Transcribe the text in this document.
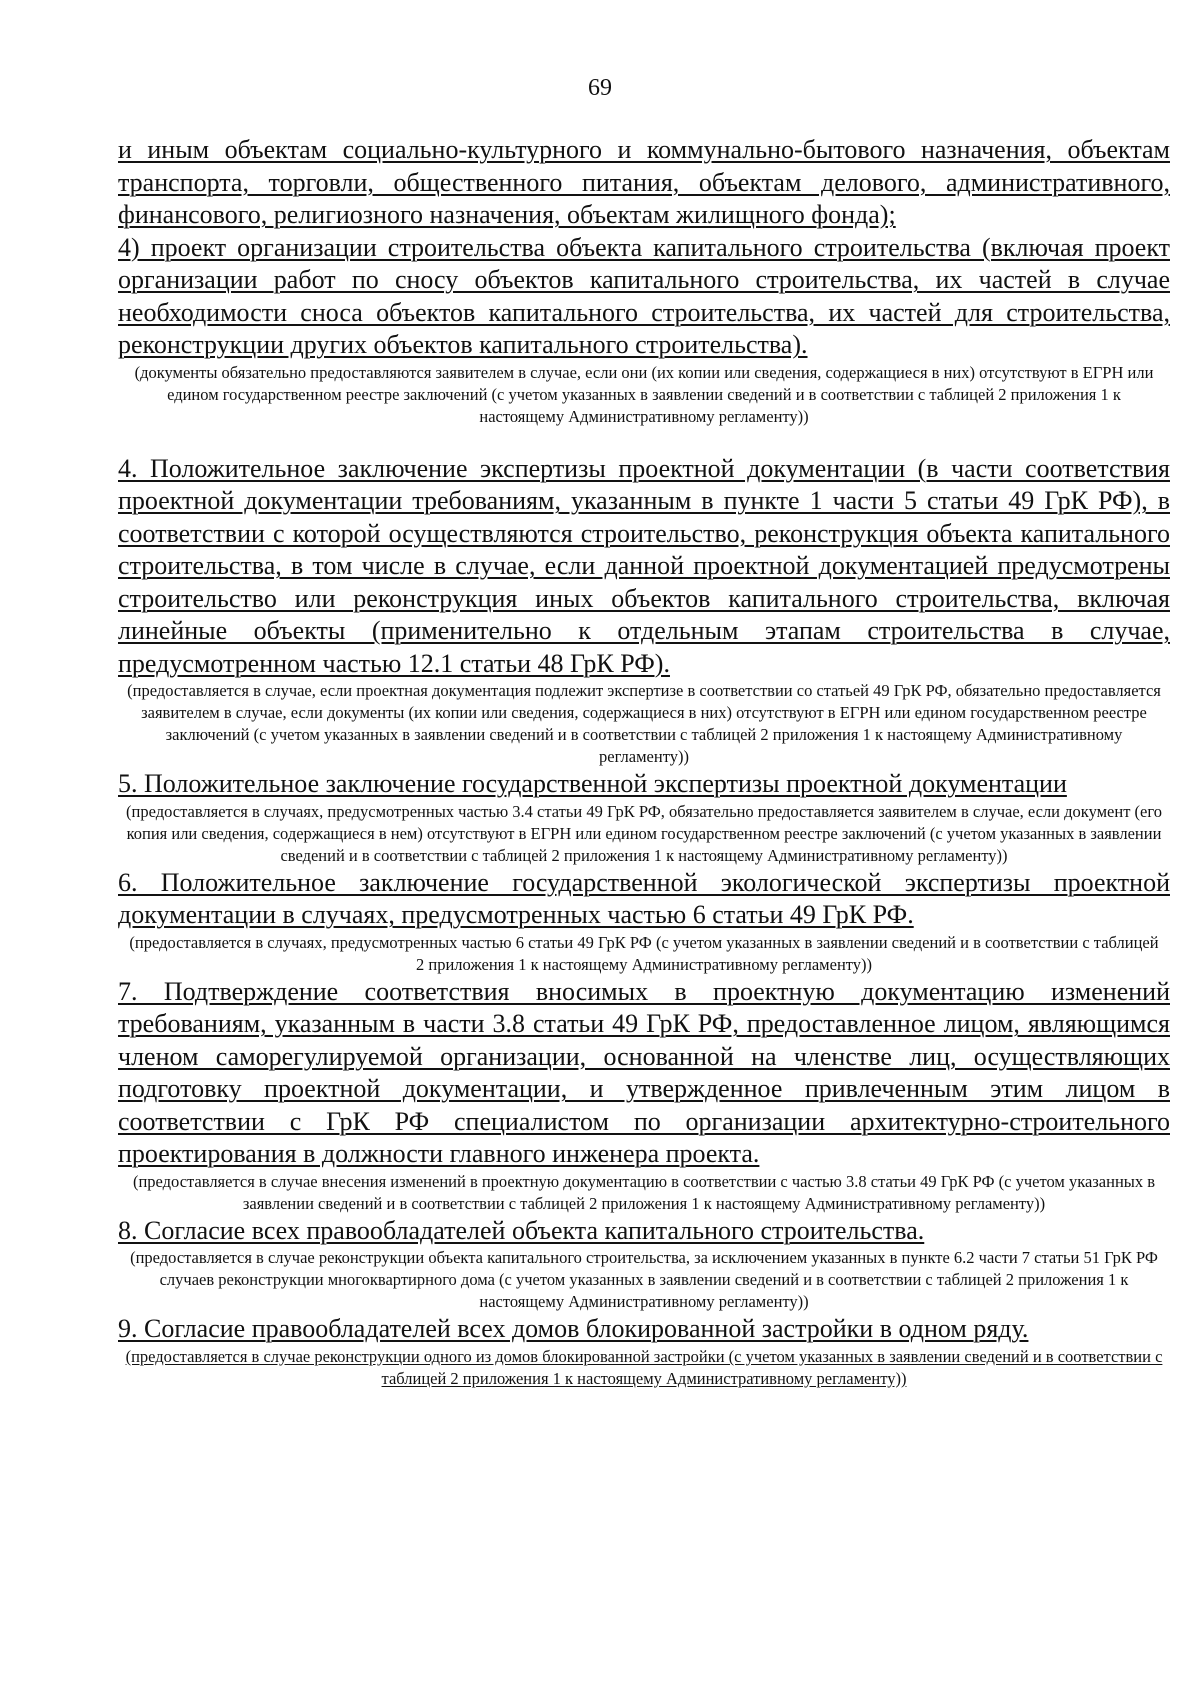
69

и иным объектам социально-культурного и коммунально-бытового назначения, объектам транспорта, торговли, общественного питания, объектам делового, административного, финансового, религиозного назначения, объектам жилищного фонда);

4) проект организации строительства объекта капитального строительства (включая проект организации работ по сносу объектов капитального строительства, их частей в случае необходимости сноса объектов капитального строительства, их частей для строительства, реконструкции других объектов капитального строительства).

(документы обязательно предоставляются заявителем в случае, если они (их копии или сведения, содержащиеся в них) отсутствуют в ЕГРН или едином государственном реестре заключений (с учетом указанных в заявлении сведений и в соответствии с таблицей 2 приложения 1 к настоящему Административному регламенту))

4. Положительное заключение экспертизы проектной документации (в части соответствия проектной документации требованиям, указанным в пункте 1 части 5 статьи 49 ГрК РФ), в соответствии с которой осуществляются строительство, реконструкция объекта капитального строительства, в том числе в случае, если данной проектной документацией предусмотрены строительство или реконструкция иных объектов капитального строительства, включая линейные объекты (применительно к отдельным этапам строительства в случае, предусмотренном частью 12.1 статьи 48 ГрК РФ).

(предоставляется в случае, если проектная документация подлежит экспертизе в соответствии со статьей 49 ГрК РФ, обязательно предоставляется заявителем в случае, если документы (их копии или сведения, содержащиеся в них) отсутствуют в ЕГРН или едином государственном реестре заключений (с учетом указанных в заявлении сведений и в соответствии с таблицей 2 приложения 1 к настоящему Административному регламенту))

5. Положительное заключение государственной экспертизы проектной документации

(предоставляется в случаях, предусмотренных частью 3.4 статьи 49 ГрК РФ, обязательно предоставляется заявителем в случае, если документ (его копия или сведения, содержащиеся в нем) отсутствуют в ЕГРН или едином государственном реестре заключений (с учетом указанных в заявлении сведений и в соответствии с таблицей 2 приложения 1 к настоящему Административному регламенту))

6. Положительное заключение государственной экологической экспертизы проектной документации в случаях, предусмотренных частью 6 статьи 49 ГрК РФ.

(предоставляется в случаях, предусмотренных частью 6 статьи 49 ГрК РФ (с учетом указанных в заявлении сведений и в соответствии с таблицей 2 приложения 1 к настоящему Административному регламенту))

7. Подтверждение соответствия вносимых в проектную документацию изменений требованиям, указанным в части 3.8 статьи 49 ГрК РФ, предоставленное лицом, являющимся членом саморегулируемой организации, основанной на членстве лиц, осуществляющих подготовку проектной документации, и утвержденное привлеченным этим лицом в соответствии с ГрК РФ специалистом по организации архитектурно-строительного проектирования в должности главного инженера проекта.

(предоставляется в случае внесения изменений в проектную документацию в соответствии с частью 3.8 статьи 49 ГрК РФ (с учетом указанных в заявлении сведений и в соответствии с таблицей 2 приложения 1 к настоящему Административному регламенту))

8. Согласие всех правообладателей объекта капитального строительства.

(предоставляется в случае реконструкции объекта капитального строительства, за исключением указанных в пункте 6.2 части 7 статьи 51 ГрК РФ случаев реконструкции многоквартирного дома (с учетом указанных в заявлении сведений и в соответствии с таблицей 2 приложения 1 к настоящему Административному регламенту))

9. Согласие правообладателей всех домов блокированной застройки в одном ряду.

(предоставляется в случае реконструкции одного из домов блокированной застройки (с учетом указанных в заявлении сведений и в соответствии с таблицей 2 приложения 1 к настоящему Административному регламенту))
